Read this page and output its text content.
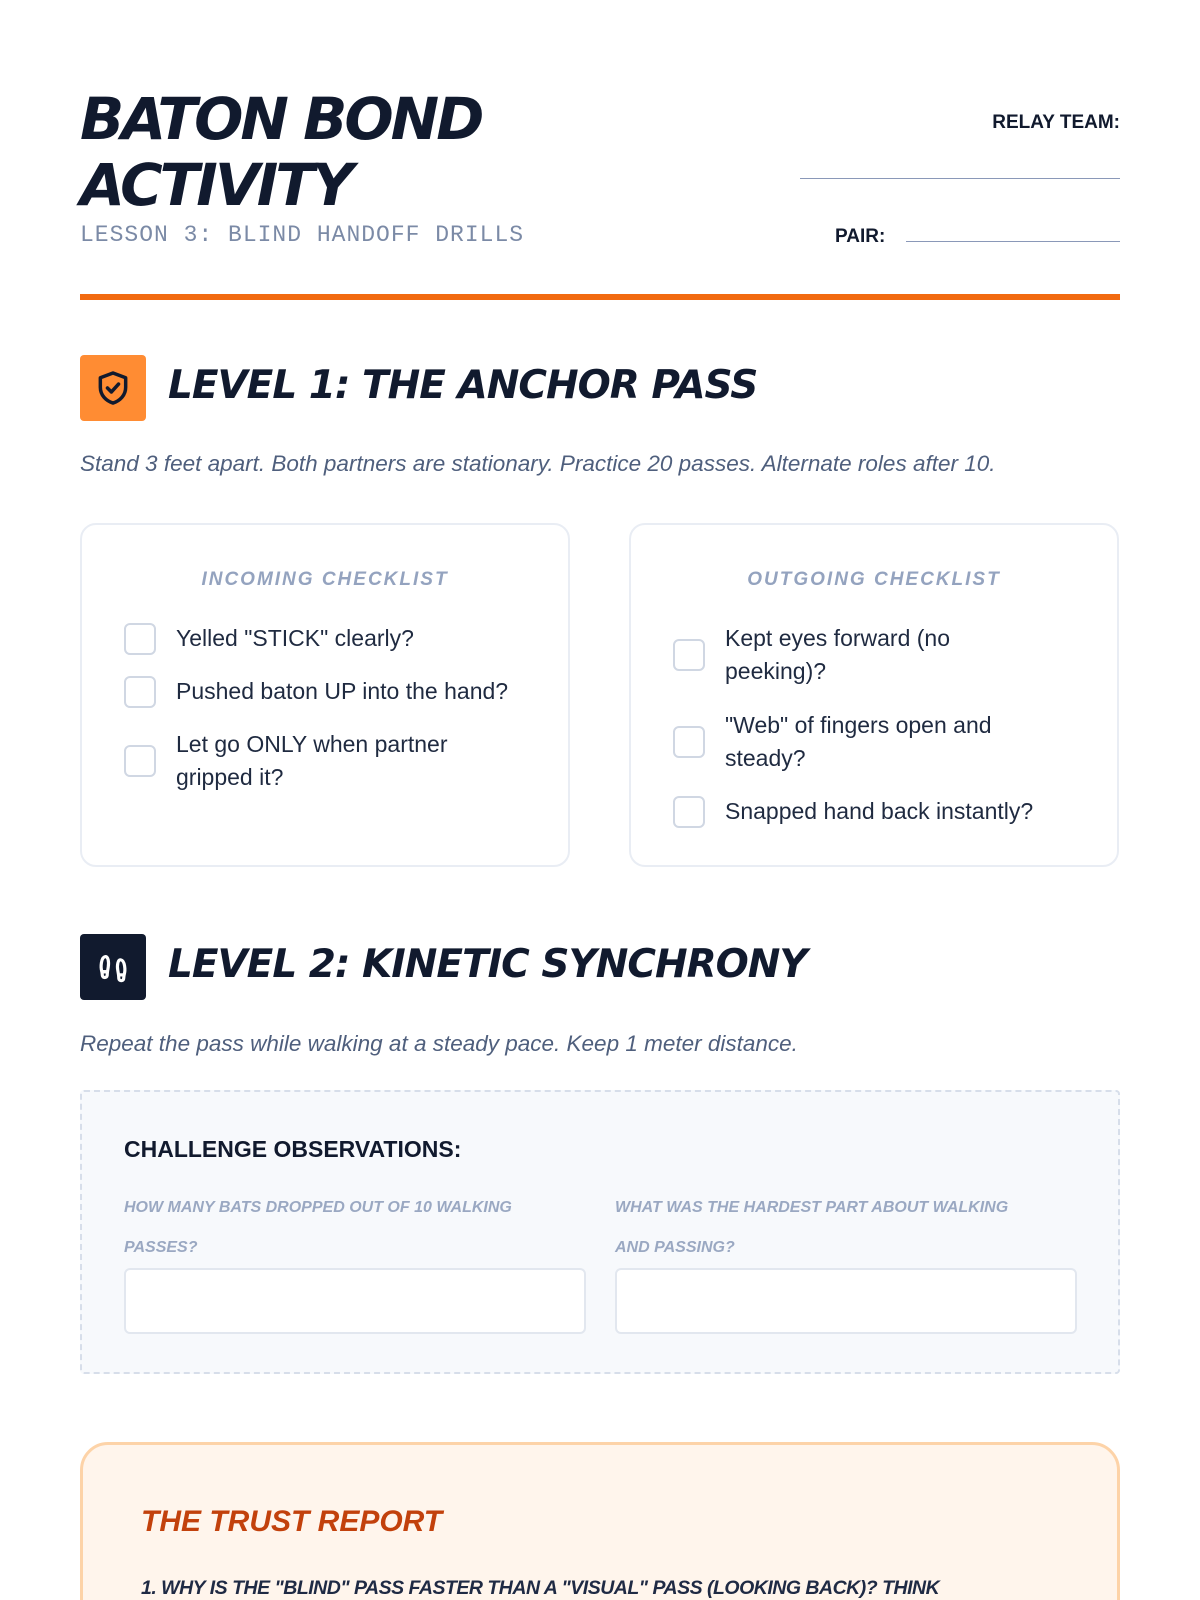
BATON BOND ACTIVITY
LESSON 3: BLIND HANDOFF DRILLS
RELAY TEAM:
PAIR:
LEVEL 1: THE ANCHOR PASS
Stand 3 feet apart. Both partners are stationary. Practice 20 passes. Alternate roles after 10.
INCOMING CHECKLIST
Yelled "STICK" clearly?
Pushed baton UP into the hand?
Let go ONLY when partner gripped it?
OUTGOING CHECKLIST
Kept eyes forward (no peeking)?
"Web" of fingers open and steady?
Snapped hand back instantly?
LEVEL 2: KINETIC SYNCHRONY
Repeat the pass while walking at a steady pace. Keep 1 meter distance.
CHALLENGE OBSERVATIONS:
HOW MANY BATS DROPPED OUT OF 10 WALKING PASSES?
WHAT WAS THE HARDEST PART ABOUT WALKING AND PASSING?
THE TRUST REPORT
1. WHY IS THE "BLIND" PASS FASTER THAN A "VISUAL" PASS (LOOKING BACK)? THINK
